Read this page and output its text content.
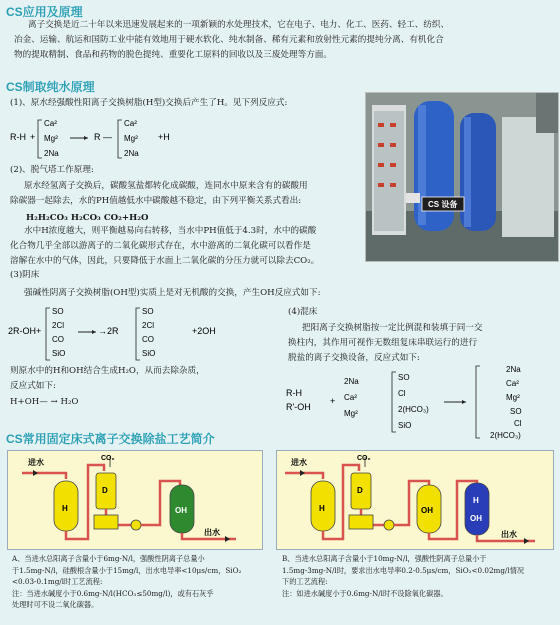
CS应用及原理
离子交换是近二十年以来迅速发展起来的一项新颖的水处理技术，它在电子、电力、化工、医药、轻工、纺织、
冶金、运输、航运和国防工业中能有效地用于硬水软化、纯水制备、稀有元素和放射性元素的提纯分离、有机化合
物的提取精制、食品和药物的脱色提纯、重要化工原料的回收以及三废处理等方面。
CS制取纯水原理
(1)、原水经强酸性阳离子交换树脂(H型)交换后产生了H。见下列反应式:
R-H +
Ca²
Mg²
2Na
R —
Ca²
Mg²
2Na
+H
(2)、脱气塔工作原理:
原水经氢离子交换后，碳酸氢盐都转化成碳酸，连同水中原来含有的碳酸用
除碳器一起除去，水的PH值越低水中碳酸越不稳定，由下列平衡关系式看出:
H₂H₂CO₃ H₂CO₃ CO₂+H₂O
水中H浓度越大，则平衡越易向右转移，当水中PH值低于4.3时，水中的碳酸
化合物几乎全部以游离子的二氧化碳形式存在，水中游离的二氧化碳可以看作是
溶解在水中的气体，因此，只要降低于水面上二氧化碳的分压力就可以除去CO₂。
(3)阴床
强碱性阴离子交换树脂(OH型)实质上是对无机酸的交换，产生OH反应式如下:
2R-OH+
SO
2Cl
CO
SiO
→2R
SO
2Cl
CO
SiO
+2OH
则原水中的H和OH结合生成H₂O，从而去除杂质，
反应式如下:
H+OH— → H₂O
(4)混床
把阳离子交换树脂按一定比例混和装填于同一交
换柱内，其作用可视作无数组复床串联运行的进行
脱盐的离子交换设备，反应式如下:
R-H
R'-OH
+
2Na
Ca²
Mg²
SO
Cl
2(HCO₃)
SiO
2Na
Ca²
Mg²
SO
Cl
2(HCO₃)
CS 设备
CS常用固定床式离子交换除盐工艺简介
进水
H
CO₂
D
OH
出水
A、当进水总阳离子含量小于6mg-N/l，强酸性阴离子总量小
于1.5mg-N/l，硅酸根含量小于15mg/l，出水电导率<10μs/cm，SiO₂
<0.03-0.1mg/l时工艺流程:
注：当进水碱度小于0.6mg-N/l(HCO₃≤50mg/l)，或有石灰乎
处理时可不设二氧化碳器。
进水
H
CO₂
D
OH
H
OH
出水
B、当进水总阳离子含量小于10mg-N/l，强酸性阴离子总量小于
1.5mg-3mg-N/l时，要求出水电导率0.2-0.5μs/cm，SiO₂<0.02mg/l情况
下的工艺流程:
注：如进水碱度小于0.6mg-N/l时不设除氧化碳器。
